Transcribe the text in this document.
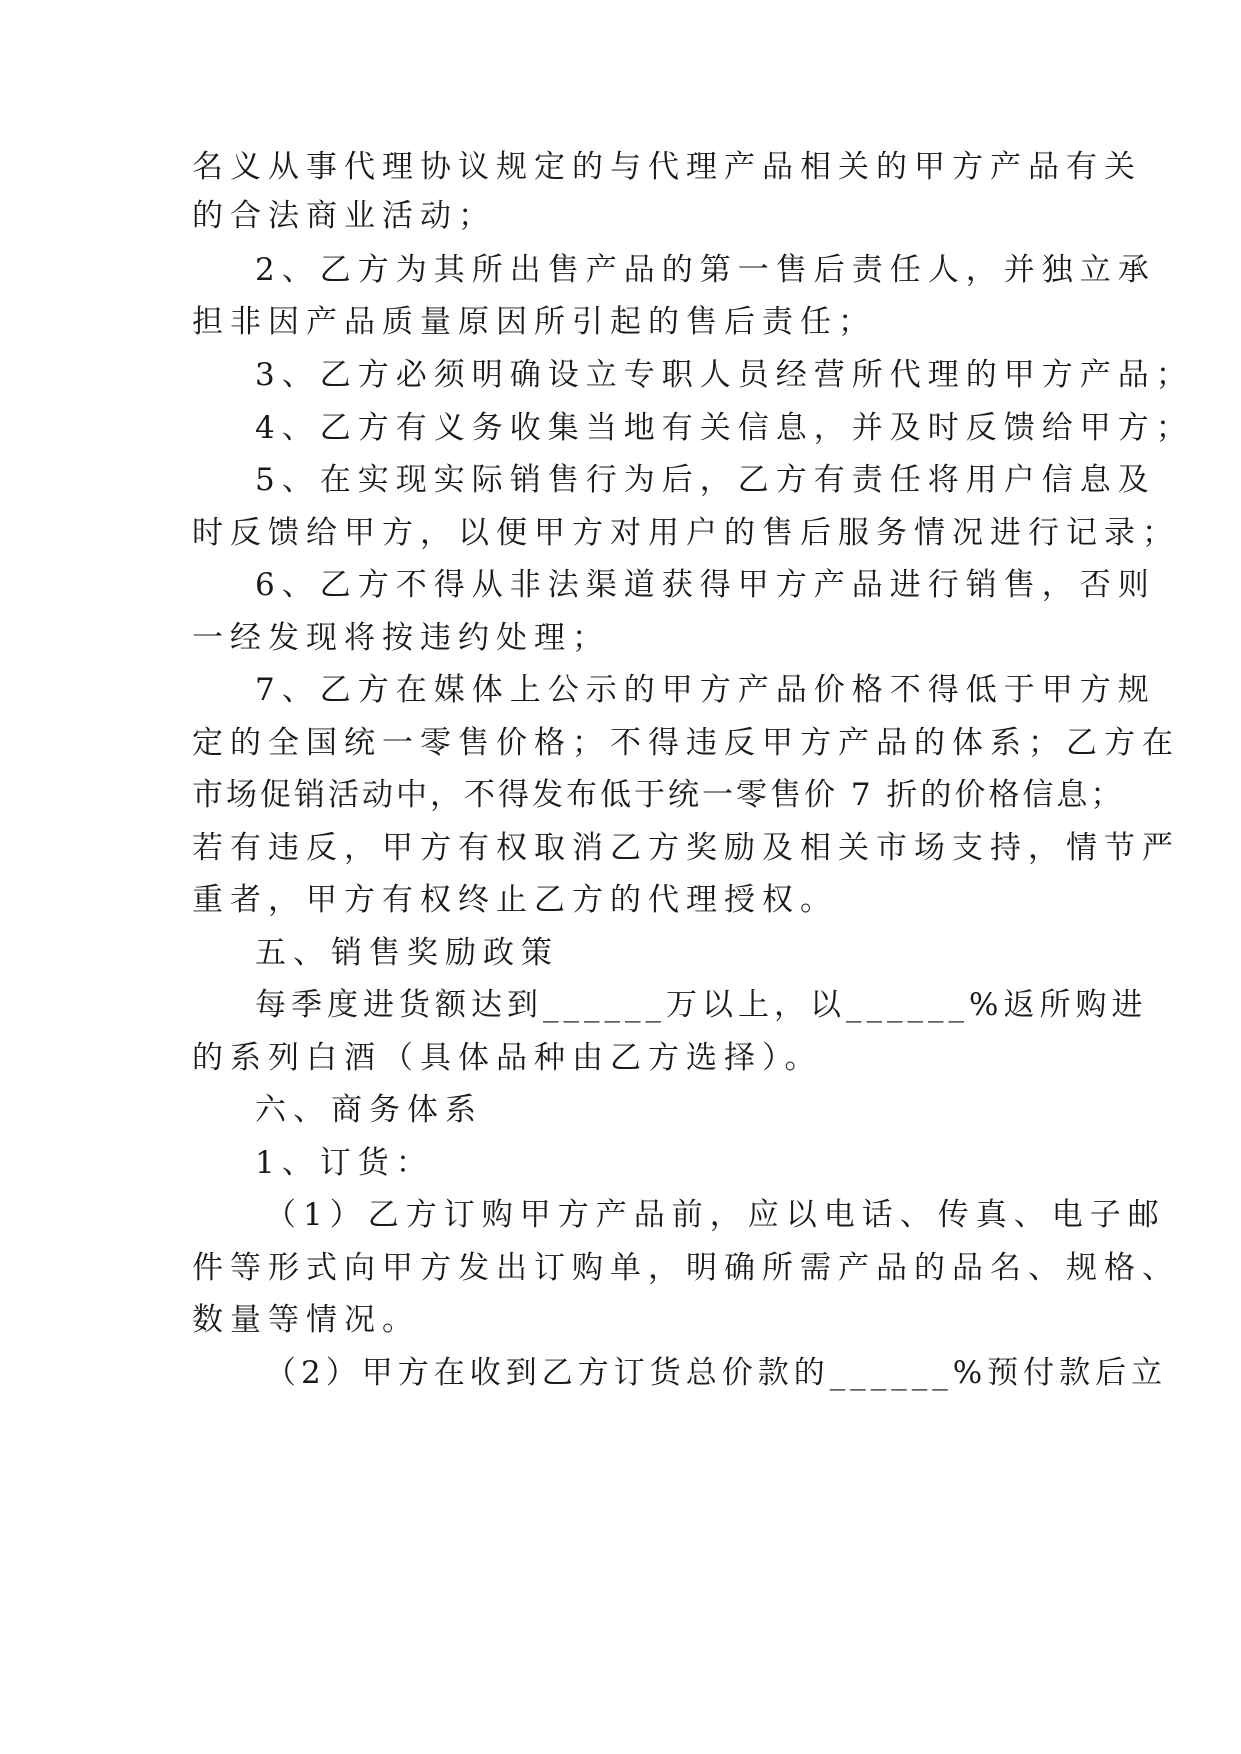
名义从事代理协议规定的与代理产品相关的甲方产品有关
的合法商业活动；
2、乙方为其所出售产品的第一售后责任人，并独立承
担非因产品质量原因所引起的售后责任；
3、乙方必须明确设立专职人员经营所代理的甲方产品；
4、乙方有义务收集当地有关信息，并及时反馈给甲方；
5、在实现实际销售行为后，乙方有责任将用户信息及
时反馈给甲方，以便甲方对用户的售后服务情况进行记录；
6、乙方不得从非法渠道获得甲方产品进行销售，否则
一经发现将按违约处理；
7、乙方在媒体上公示的甲方产品价格不得低于甲方规
定的全国统一零售价格；不得违反甲方产品的体系；乙方在
市场促销活动中，不得发布低于统一零售价 7 折的价格信息；
若有违反，甲方有权取消乙方奖励及相关市场支持，情节严
重者，甲方有权终止乙方的代理授权。
五、销售奖励政策
每季度进货额达到______万以上，以______%返所购进
的系列白酒（具体品种由乙方选择）。
六、商务体系
1、订货：
（1）乙方订购甲方产品前，应以电话、传真、电子邮
件等形式向甲方发出订购单，明确所需产品的品名、规格、
数量等情况。
（2）甲方在收到乙方订货总价款的______%预付款后立
